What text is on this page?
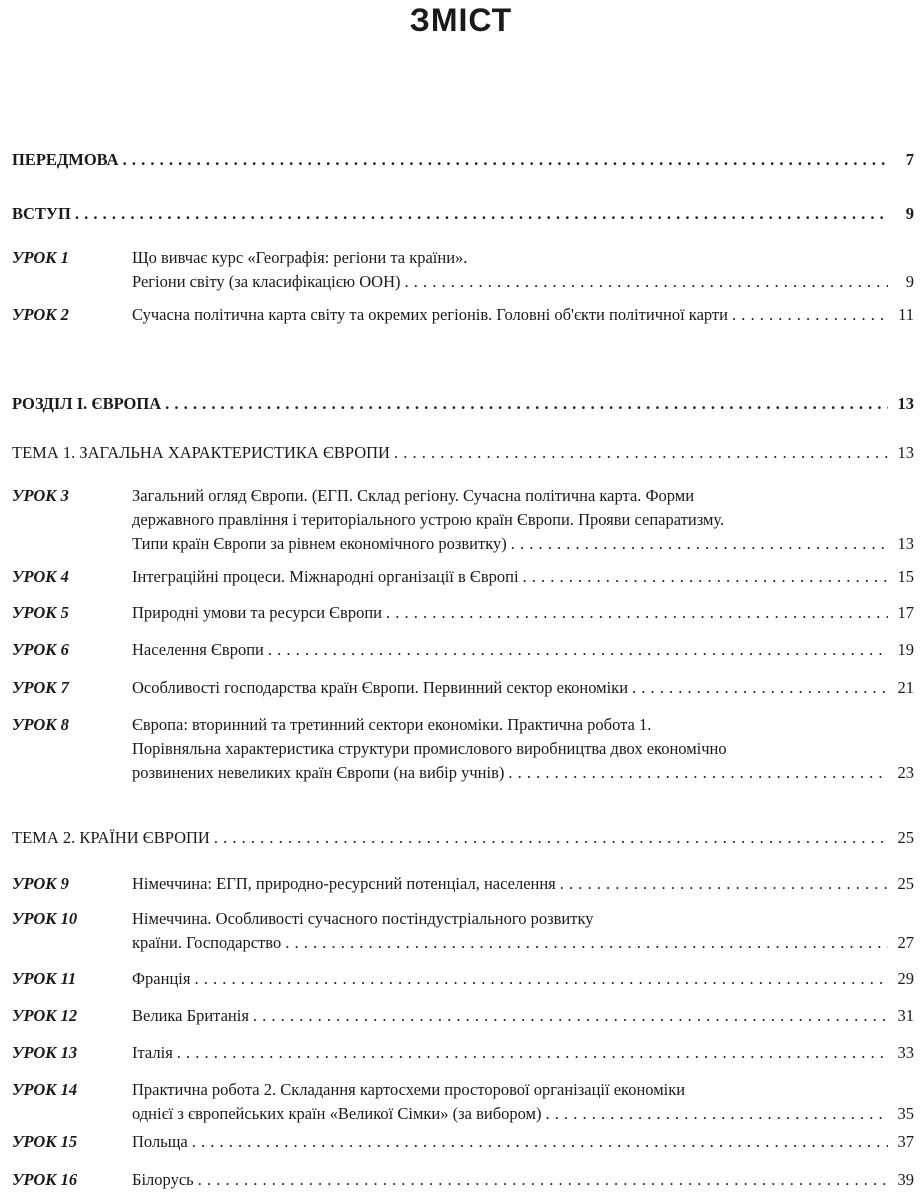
ЗМІСТ
ПЕРЕДМОВА . . .	7
ВСТУП . . .	9
УРОК 1	Що вивчає курс «Географія: регіони та країни».
Регіони світу (за класифікацією ООН) . . .	9
УРОК 2	Сучасна політична карта світу та окремих регіонів. Головні об'єкти політичної карти . . .	11
РОЗДІЛ І. ЄВРОПА . . .	13
ТЕМА 1. ЗАГАЛЬНА ХАРАКТЕРИСТИКА ЄВРОПИ . . .	13
УРОК 3	Загальний огляд Європи. (ЕГП. Склад регіону. Сучасна політична карта. Форми
державного правління і територіального устрою країн Європи. Прояви сепаратизму.
Типи країн Європи за рівнем економічного розвитку) . . .	13
УРОК 4	Інтеграційні процеси. Міжнародні організації в Європі . . .	15
УРОК 5	Природні умови та ресурси Європи . . .	17
УРОК 6	Населення Європи . . .	19
УРОК 7	Особливості господарства країн Європи. Первинний сектор економіки . . .	21
УРОК 8	Європа: вторинний та третинний сектори економіки. Практична робота 1.
Порівняльна характеристика структури промислового виробництва двох економічно
розвинених невеликих країн Європи (на вибір учнів) . . .	23
ТЕМА 2. КРАЇНИ ЄВРОПИ . . .	25
УРОК 9	Німеччина: ЕГП, природно-ресурсний потенціал, населення . . .	25
УРОК 10	Німеччина. Особливості сучасного постіндустріального розвитку
країни. Господарство . . .	27
УРОК 11	Франція . . .	29
УРОК 12	Велика Британія . . .	31
УРОК 13	Італія . . .	33
УРОК 14	Практична робота 2. Складання картосхеми просторової організації економіки
однієї з європейських країн «Великої Сімки» (за вибором) . . .	35
УРОК 15	Польща . . .	37
УРОК 16	Білорусь . . .	39
